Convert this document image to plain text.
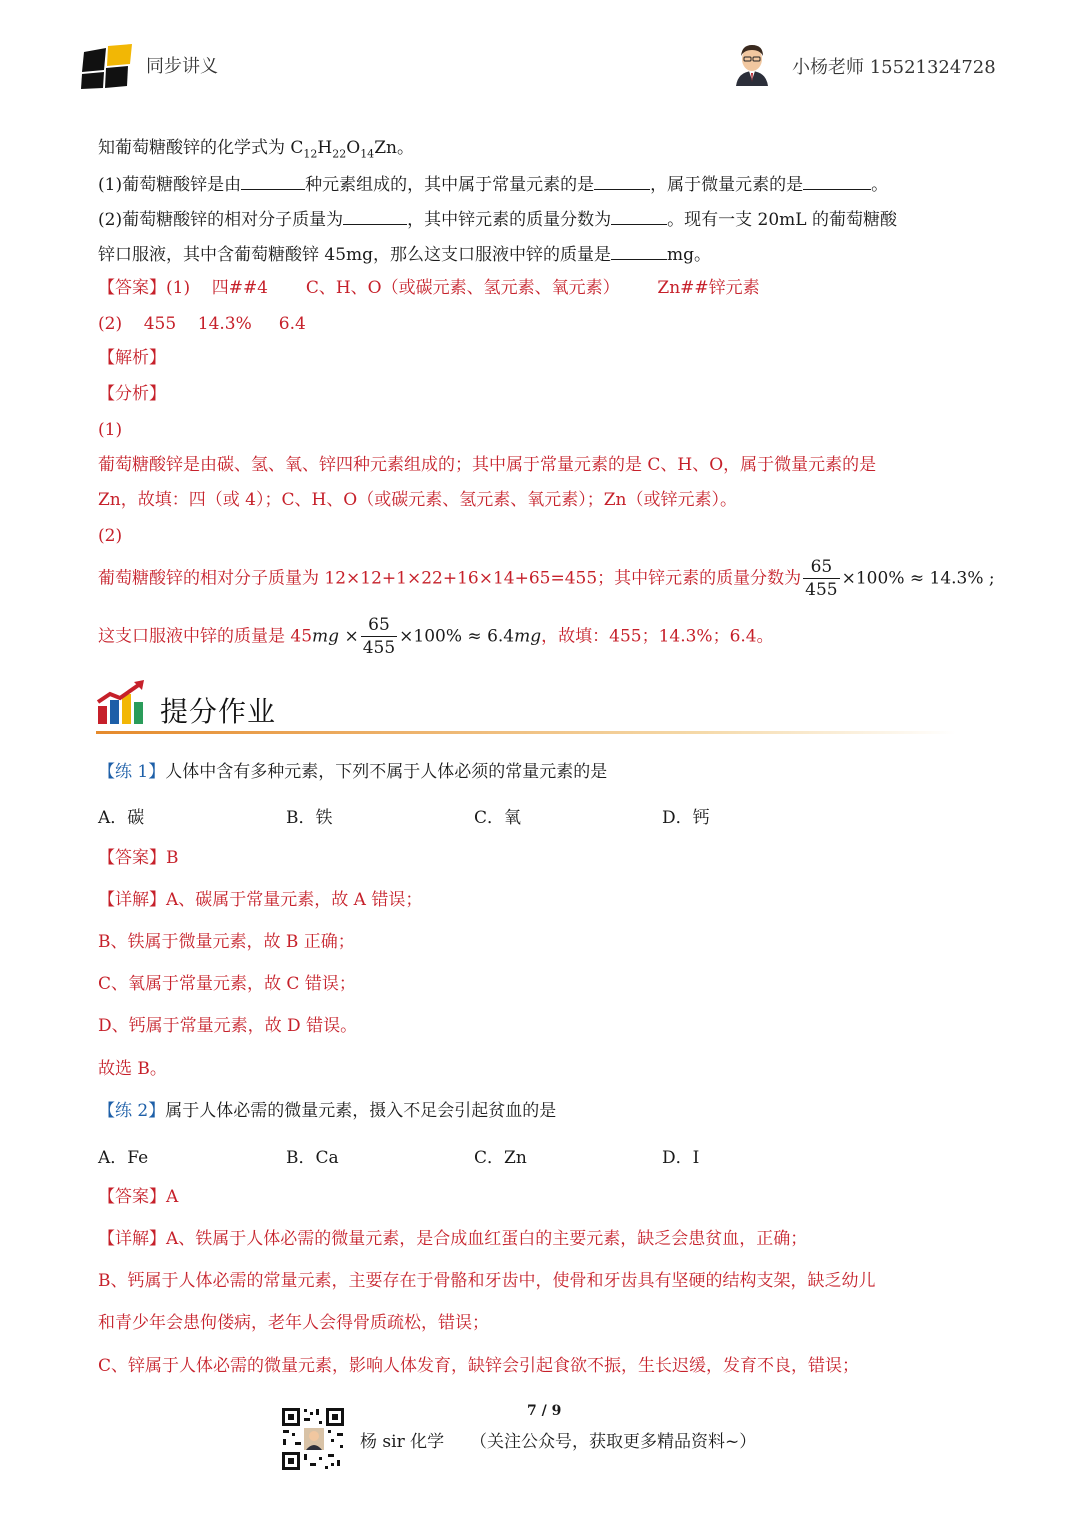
同步讲义	小杨老师 15521324728
知葡萄糖酸锌的化学式为 $C_{12}H_{22}O_{14}Zn$。
(1)葡萄糖酸锌是由	种元素组成的，其中属于常量元素的是	，属于微量元素的是	。
(2)葡萄糖酸锌的相对分子质量为	，其中锌元素的质量分数为	。现有一支 20mL 的葡萄糖酸
锌口服液，其中含葡萄糖酸锌 45mg，那么这支口服液中锌的质量是	mg。
【答案】(1)    四##4       C、H、O（或碳元素、氢元素、氧元素）       Zn##锌元素
(2)    455    14.3%     6.4
【解析】
【分析】
(1)
葡萄糖酸锌是由碳、氢、氧、锌四种元素组成的；其中属于常量元素的是 C、H、O，属于微量元素的是
Zn，故填：四（或 4）；C、H、O（或碳元素、氢元素、氧元素）；Zn（或锌元素）。
(2)
葡萄糖酸锌的相对分子质量为 12×12+1×22+16×14+65=455；其中锌元素的质量分数为 $\frac{65}{455} \times 100\% \approx 14.3\%$ ;
这支口服液中锌的质量是 $45mg \times \frac{65}{455} \times 100\% \approx 6.4mg$，故填：455；14.3%；6.4。
提分作业
【练 1】人体中含有多种元素，下列不属于人体必须的常量元素的是
A．碳	B．铁	C．氧	D．钙
【答案】B
【详解】A、碳属于常量元素，故 A 错误；
B、铁属于微量元素，故 B 正确；
C、氧属于常量元素，故 C 错误；
D、钙属于常量元素，故 D 错误。
故选 B。
【练 2】属于人体必需的微量元素，摄入不足会引起贫血的是
A．Fe	B．Ca	C．Zn	D．I
【答案】A
【详解】A、铁属于人体必需的微量元素，是合成血红蛋白的主要元素，缺乏会患贫血，正确；
B、钙属于人体必需的常量元素，主要存在于骨骼和牙齿中，使骨和牙齿具有坚硬的结构支架，缺乏幼儿
和青少年会患佝偻病，老年人会得骨质疏松，错误；
C、锌属于人体必需的微量元素，影响人体发育，缺锌会引起食欲不振，生长迟缓，发育不良，错误；
7 / 9
杨 sir 化学 （关注公众号，获取更多精品资料~）
